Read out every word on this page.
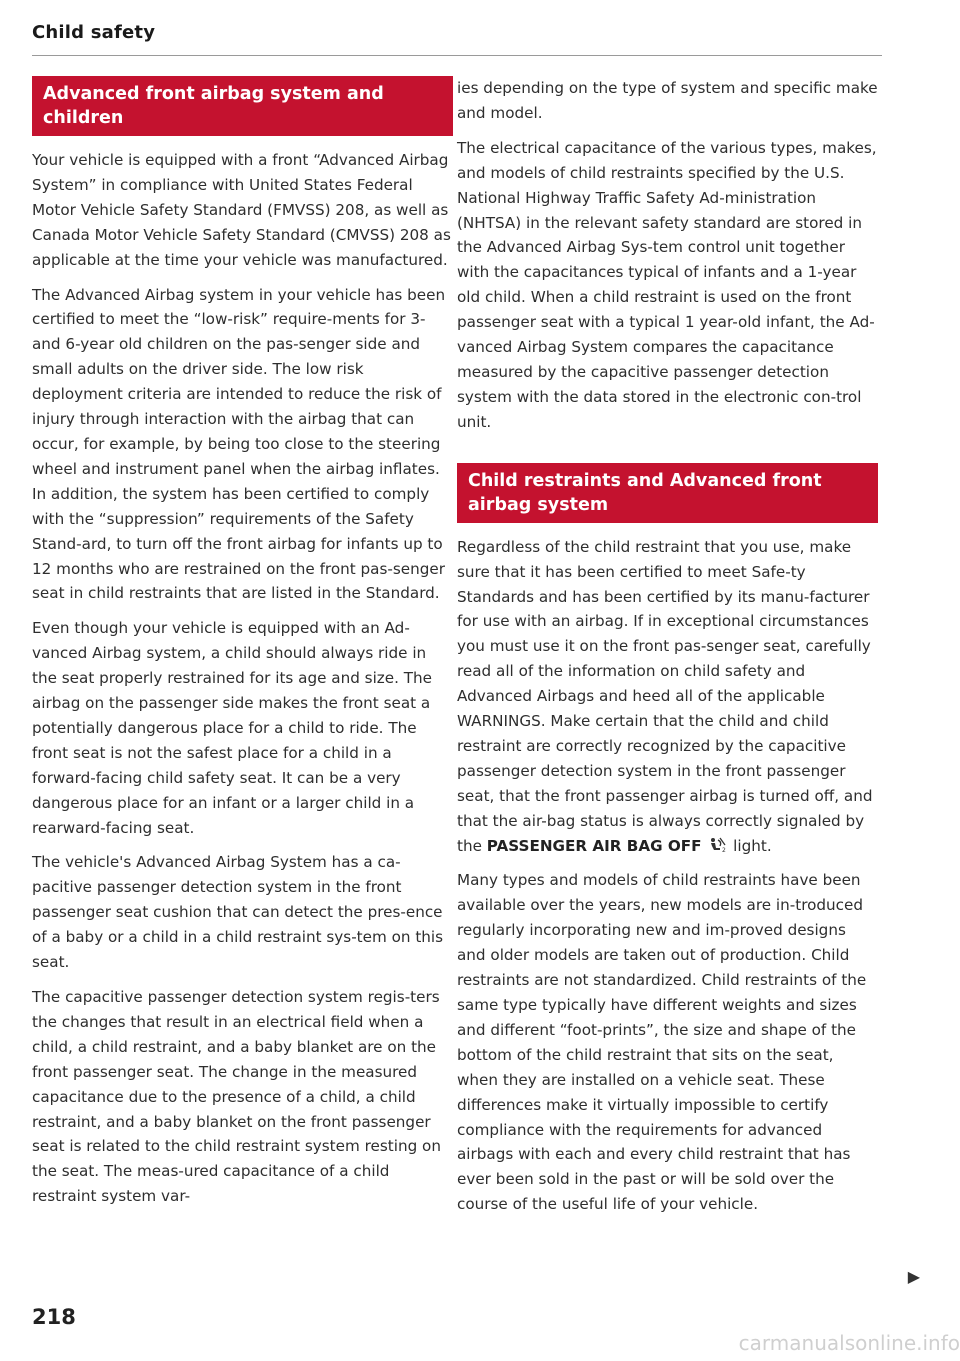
Child safety
Advanced front airbag system and children

Your vehicle is equipped with a front “Advanced Airbag System” in compliance with United States Federal Motor Vehicle Safety Standard (FMVSS) 208, as well as Canada Motor Vehicle Safety Standard (CMVSS) 208 as applicable at the time your vehicle was manufactured.

The Advanced Airbag system in your vehicle has been certified to meet the “low-risk” require-ments for 3- and 6-year old children on the pas-senger side and small adults on the driver side. The low risk deployment criteria are intended to reduce the risk of injury through interaction with the airbag that can occur, for example, by being too close to the steering wheel and instrument panel when the airbag inflates. In addition, the system has been certified to comply with the “suppression” requirements of the Safety Stand-ard, to turn off the front airbag for infants up to 12 months who are restrained on the front pas-senger seat in child restraints that are listed in the Standard.

Even though your vehicle is equipped with an Ad-vanced Airbag system, a child should always ride in the seat properly restrained for its age and size. The airbag on the passenger side makes the front seat a potentially dangerous place for a child to ride. The front seat is not the safest place for a child in a forward-facing child safety seat. It can be a very dangerous place for an infant or a larger child in a rearward-facing seat.

The vehicle's Advanced Airbag System has a ca-pacitive passenger detection system in the front passenger seat cushion that can detect the pres-ence of a baby or a child in a child restraint sys-tem on this seat.

The capacitive passenger detection system regis-ters the changes that result in an electrical field when a child, a child restraint, and a baby blanket are on the front passenger seat. The change in the measured capacitance due to the presence of a child, a child restraint, and a baby blanket on the front passenger seat is related to the child restraint system resting on the seat. The meas-ured capacitance of a child restraint system var-

ies depending on the type of system and specific make and model.

The electrical capacitance of the various types, makes, and models of child restraints specified by the U.S. National Highway Traffic Safety Ad-ministration (NHTSA) in the relevant safety standard are stored in the Advanced Airbag Sys-tem control unit together with the capacitances typical of infants and a 1-year old child. When a child restraint is used on the front passenger seat with a typical 1 year-old infant, the Ad-vanced Airbag System compares the capacitance measured by the capacitive passenger detection system with the data stored in the electronic con-trol unit.

Child restraints and Advanced front airbag system

Regardless of the child restraint that you use, make sure that it has been certified to meet Safe-ty Standards and has been certified by its manu-facturer for use with an airbag. If in exceptional circumstances you must use it on the front pas-senger seat, carefully read all of the information on child safety and Advanced Airbags and heed all of the applicable WARNINGS. Make certain that the child and child restraint are correctly recognized by the capacitive passenger detection system in the front passenger seat, that the front passenger airbag is turned off, and that the air-bag status is always correctly signaled by the PASSENGER AIR BAG OFF	2 light.

Many types and models of child restraints have been available over the years, new models are in-troduced regularly incorporating new and im-proved designs and older models are taken out of production. Child restraints are not standardized. Child restraints of the same type typically have different weights and sizes and different “foot-prints”, the size and shape of the bottom of the child restraint that sits on the seat, when they are installed on a vehicle seat. These differences make it virtually impossible to certify compliance with the requirements for advanced airbags with each and every child restraint that has ever been sold in the past or will be sold over the course of the useful life of your vehicle.

▶
218
carmanualsonline.info
